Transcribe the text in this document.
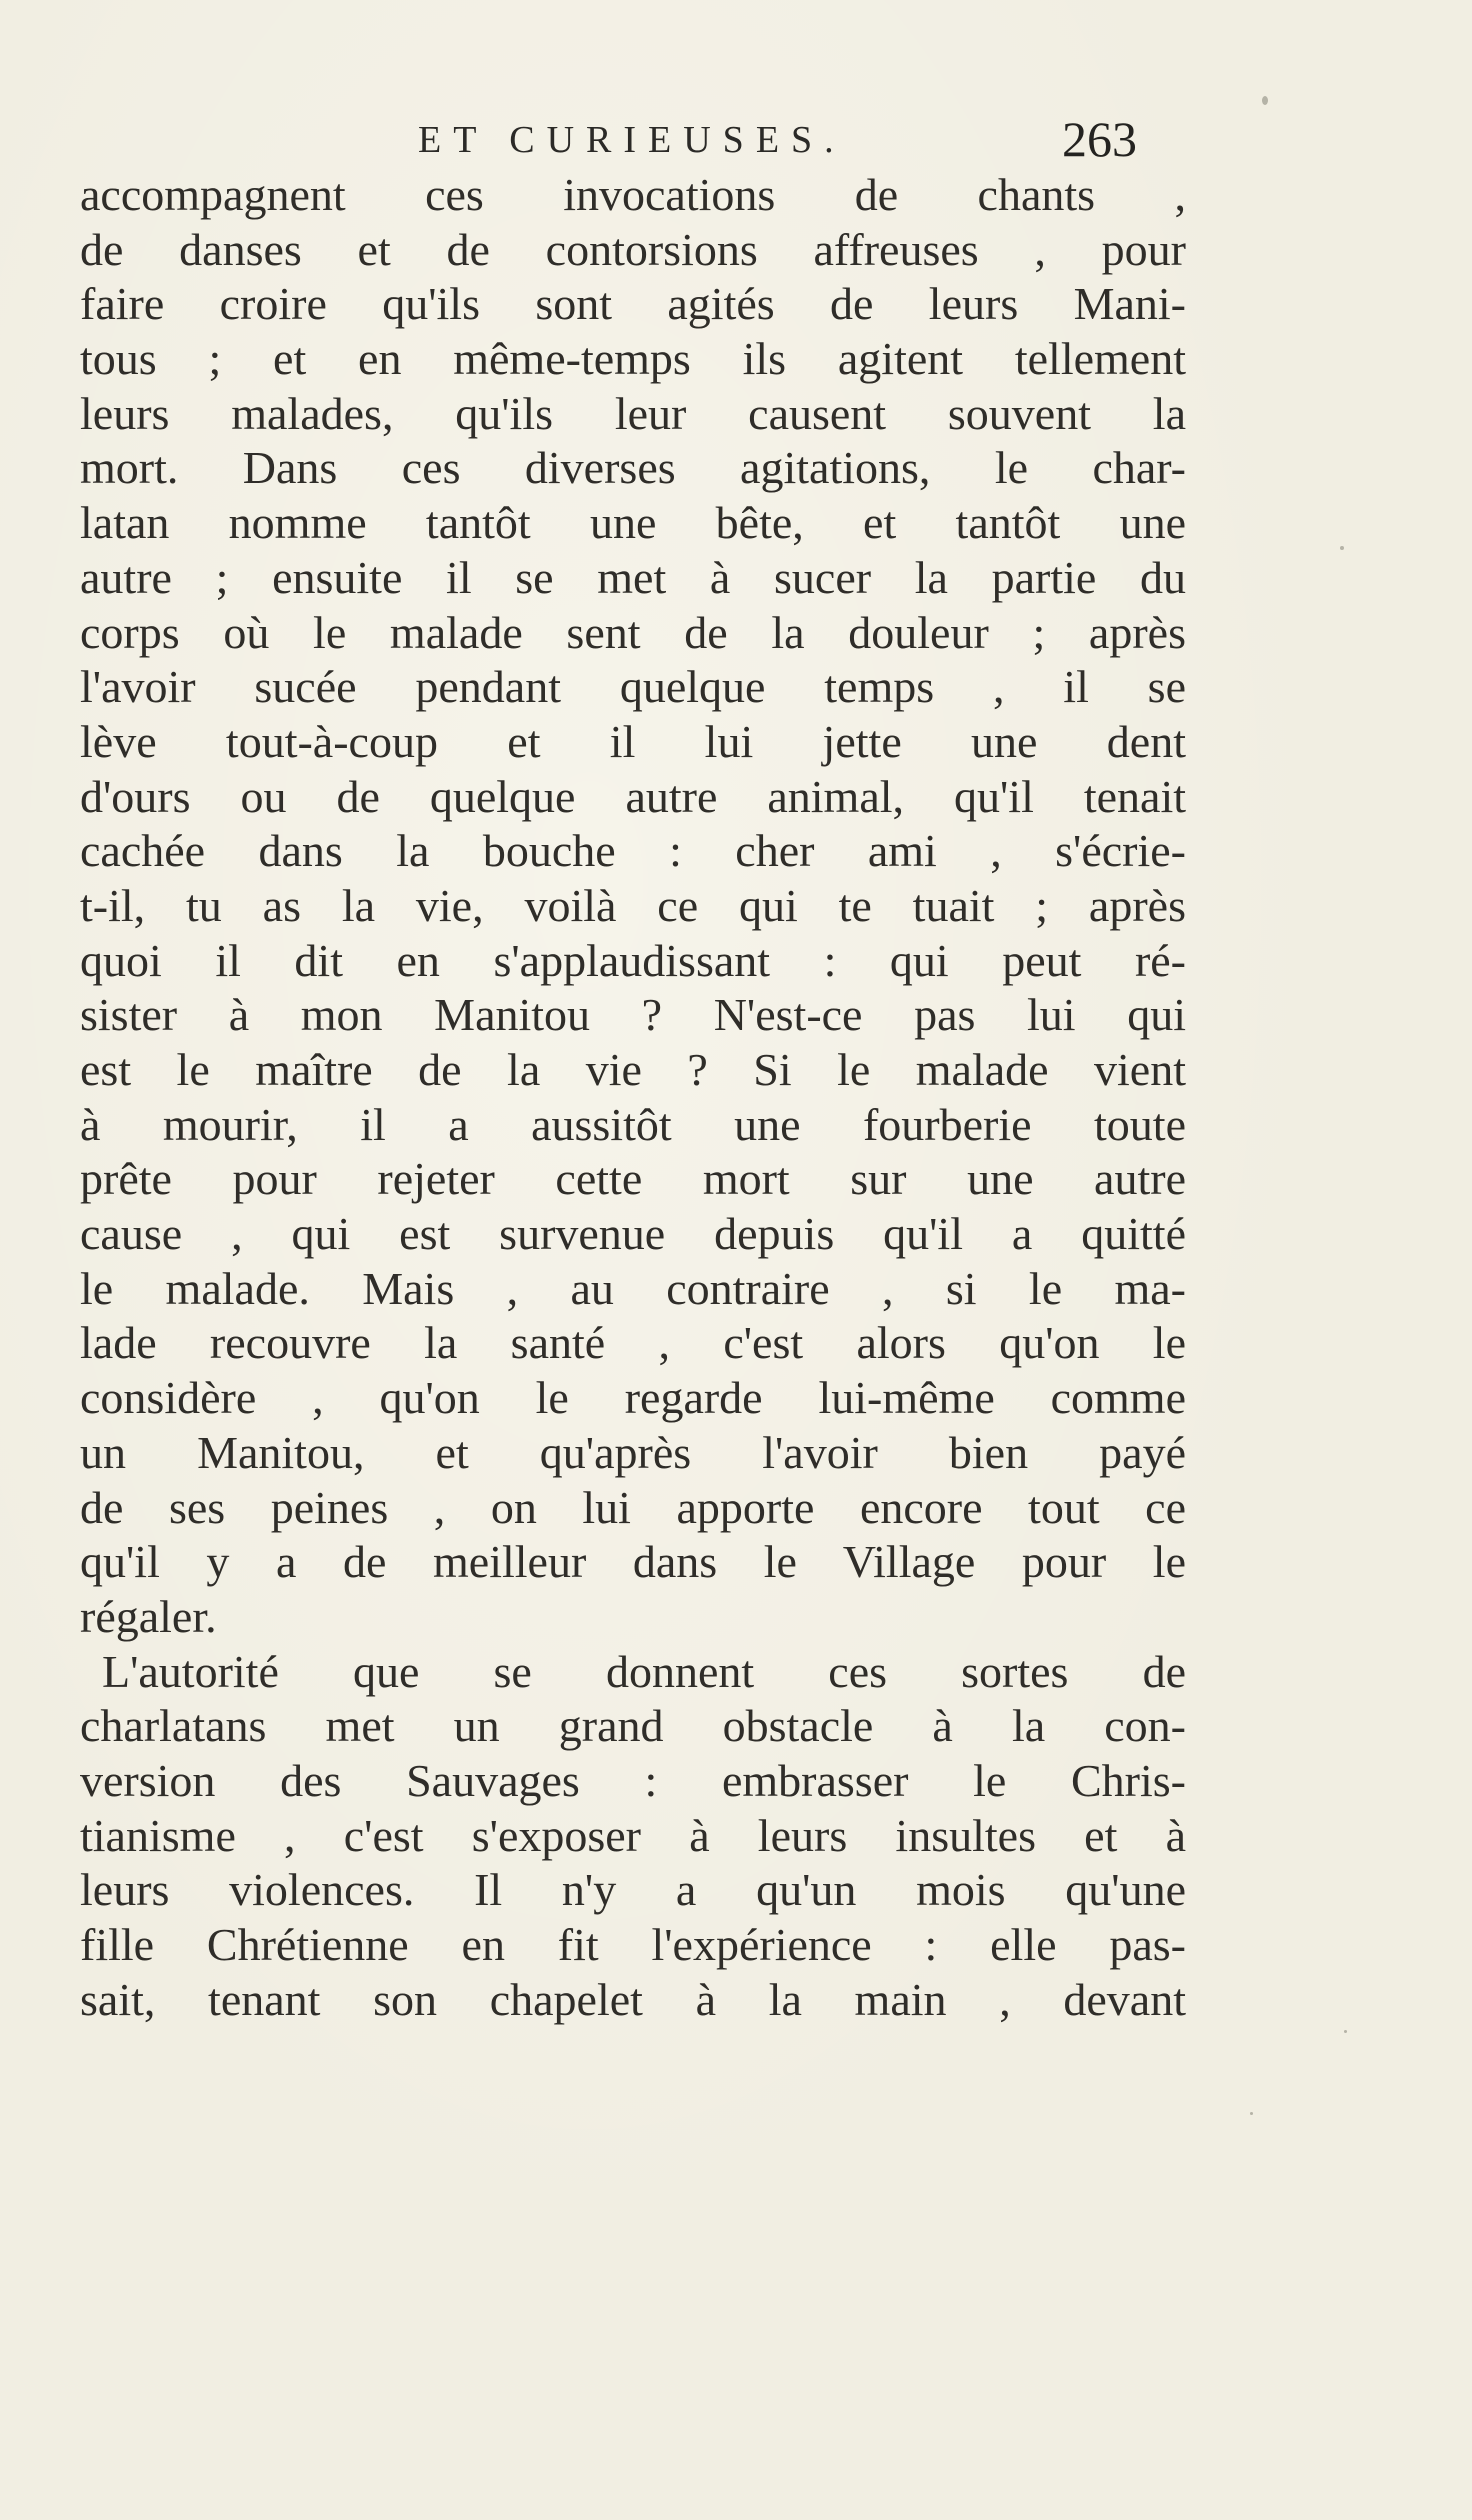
ET CURIEUSES.	263
accompagnent ces invocations de chants ,
de danses et de contorsions affreuses , pour
faire croire qu'ils sont agités de leurs Mani-
tous ; et en même-temps ils agitent tellement
leurs malades, qu'ils leur causent souvent la
mort. Dans ces diverses agitations, le char-
latan nomme tantôt une bête, et tantôt une
autre ; ensuite il se met à sucer la partie du
corps où le malade sent de la douleur ; après
l'avoir sucée pendant quelque temps , il se
lève tout-à-coup et il lui jette une dent
d'ours ou de quelque autre animal, qu'il tenait
cachée dans la bouche : cher ami , s'écrie-
t-il, tu as la vie, voilà ce qui te tuait ; après
quoi il dit en s'applaudissant : qui peut ré-
sister à mon Manitou ? N'est-ce pas lui qui
est le maître de la vie ? Si le malade vient
à mourir, il a aussitôt une fourberie toute
prête pour rejeter cette mort sur une autre
cause , qui est survenue depuis qu'il a quitté
le malade. Mais , au contraire , si le ma-
lade recouvre la santé , c'est alors qu'on le
considère , qu'on le regarde lui-même comme
un Manitou, et qu'après l'avoir bien payé
de ses peines , on lui apporte encore tout ce
qu'il y a de meilleur dans le Village pour le
régaler.
L'autorité que se donnent ces sortes de
charlatans met un grand obstacle à la con-
version des Sauvages : embrasser le Chris-
tianisme , c'est s'exposer à leurs insultes et à
leurs violences. Il n'y a qu'un mois qu'une
fille Chrétienne en fit l'expérience : elle pas-
sait, tenant son chapelet à la main , devant
